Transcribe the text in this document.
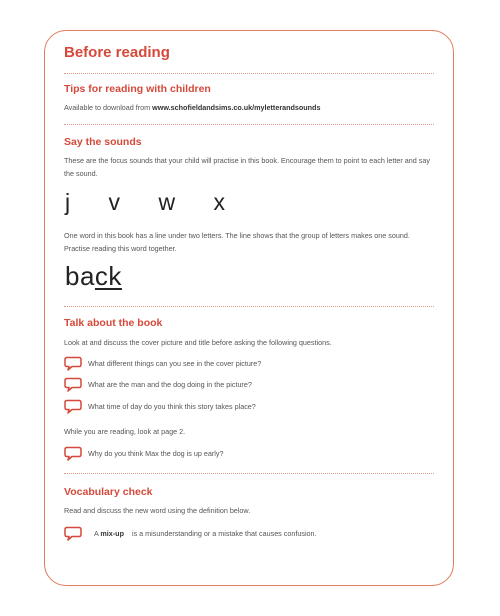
Before reading
Tips for reading with children
Available to download from www.schofieldandsims.co.uk/myletterandsounds
Say the sounds
These are the focus sounds that your child will practise in this book. Encourage them to point to each letter and say the sound.
j v w x
One word in this book has a line under two letters. The line shows that the group of letters makes one sound. Practise reading this word together.
back
Talk about the book
Look at and discuss the cover picture and title before asking the following questions.
What different things can you see in the cover picture?
What are the man and the dog doing in the picture?
What time of day do you think this story takes place?
While you are reading, look at page 2.
Why do you think Max the dog is up early?
Vocabulary check
Read and discuss the new word using the definition below.
A mix-up is a misunderstanding or a mistake that causes confusion.
